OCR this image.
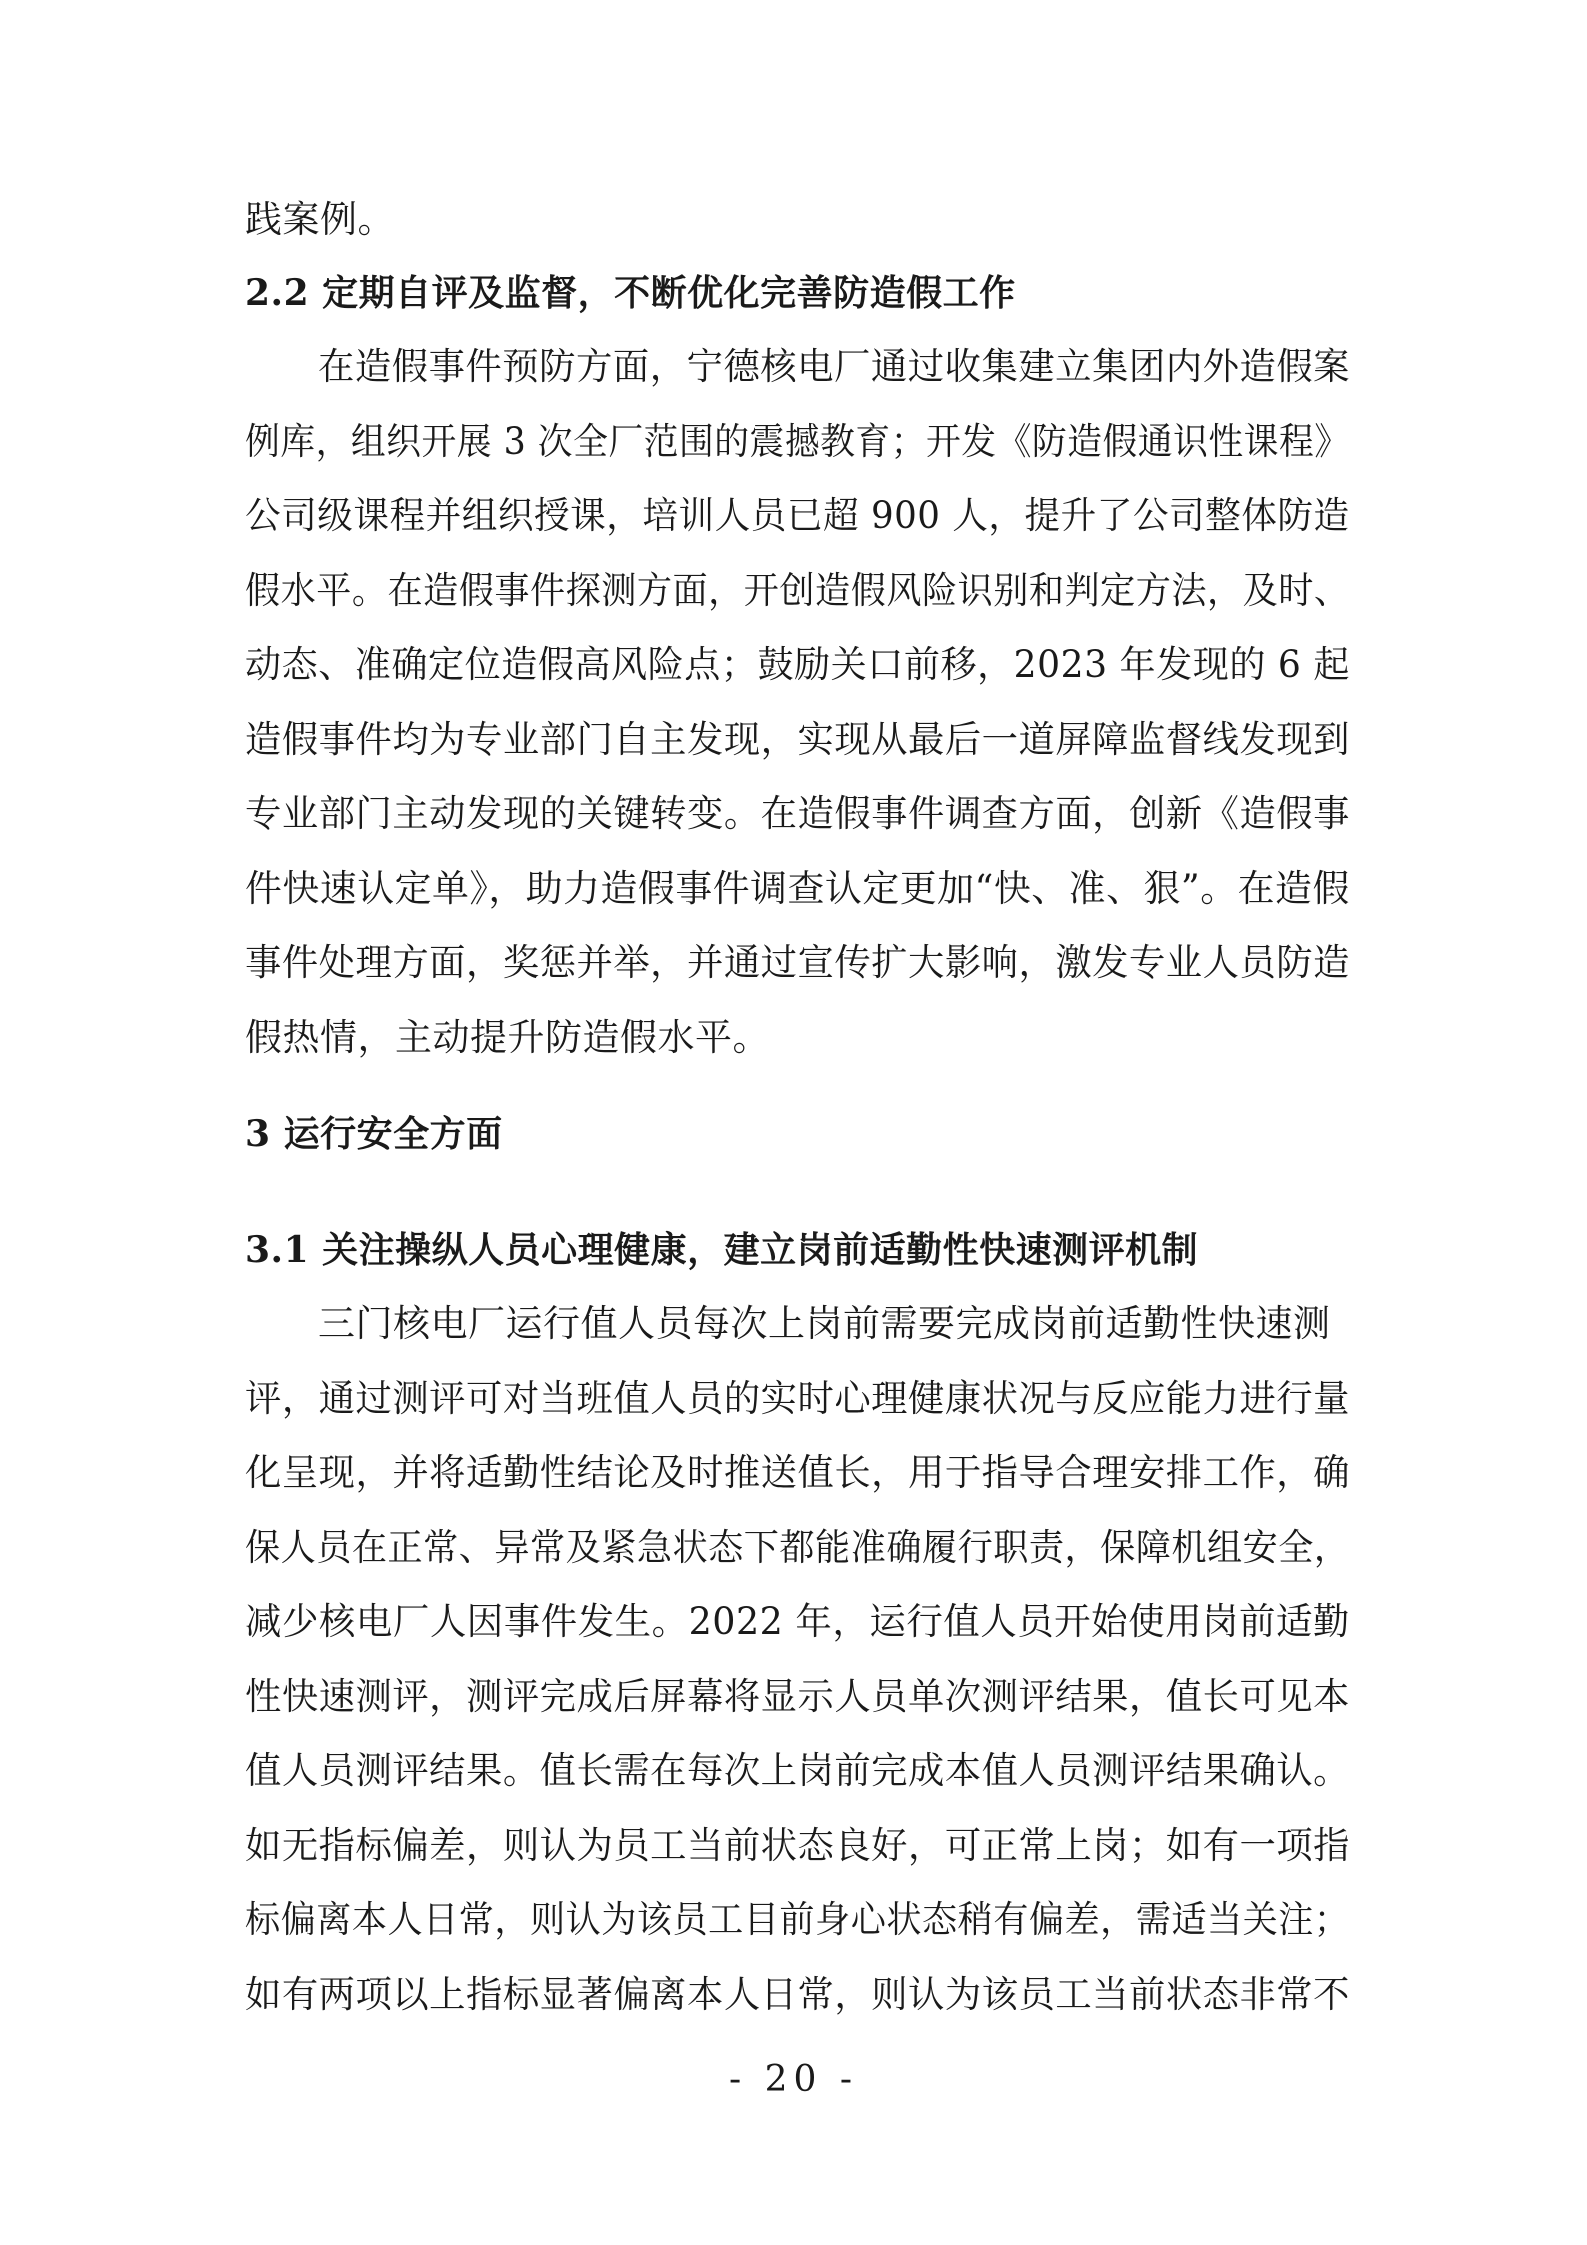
践案例。
2.2 定期自评及监督，不断优化完善防造假工作
在造假事件预防方面，宁德核电厂通过收集建立集团内外造假案
例库，组织开展 3 次全厂范围的震撼教育；开发《防造假通识性课程》
公司级课程并组织授课，培训人员已超 900 人，提升了公司整体防造
假水平。在造假事件探测方面，开创造假风险识别和判定方法，及时、
动态、准确定位造假高风险点；鼓励关口前移，2023 年发现的 6 起
造假事件均为专业部门自主发现，实现从最后一道屏障监督线发现到
专业部门主动发现的关键转变。在造假事件调查方面，创新《造假事
件快速认定单》，助力造假事件调查认定更加“快、准、狠”。在造假
事件处理方面，奖惩并举，并通过宣传扩大影响，激发专业人员防造
假热情，主动提升防造假水平。
3 运行安全方面
3.1 关注操纵人员心理健康，建立岗前适勤性快速测评机制
三门核电厂运行值人员每次上岗前需要完成岗前适勤性快速测
评，通过测评可对当班值人员的实时心理健康状况与反应能力进行量
化呈现，并将适勤性结论及时推送值长，用于指导合理安排工作，确
保人员在正常、异常及紧急状态下都能准确履行职责，保障机组安全，
减少核电厂人因事件发生。2022 年，运行值人员开始使用岗前适勤
性快速测评，测评完成后屏幕将显示人员单次测评结果，值长可见本
值人员测评结果。值长需在每次上岗前完成本值人员测评结果确认。
如无指标偏差，则认为员工当前状态良好，可正常上岗；如有一项指
标偏离本人日常，则认为该员工目前身心状态稍有偏差，需适当关注；
如有两项以上指标显著偏离本人日常，则认为该员工当前状态非常不
- 20 -
